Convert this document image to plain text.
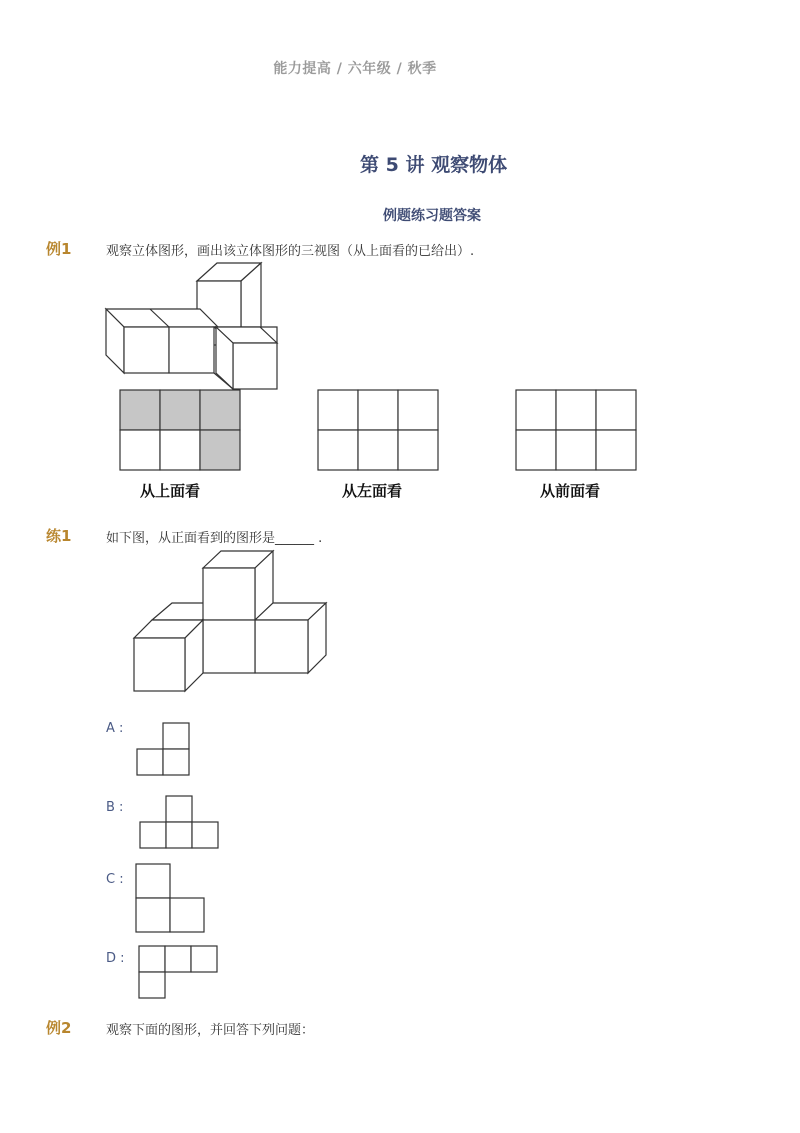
能力提高 / 六年级 / 秋季
第 5 讲 观察物体
例题练习题答案
例1	观察立体图形，画出该立体图形的三视图（从上面看的已给出）.
从上面看	从左面看	从前面看
练1	如下图，从正面看到的图形是______ .
A :
B :
C :
D :
例2	观察下面的图形，并回答下列问题：
